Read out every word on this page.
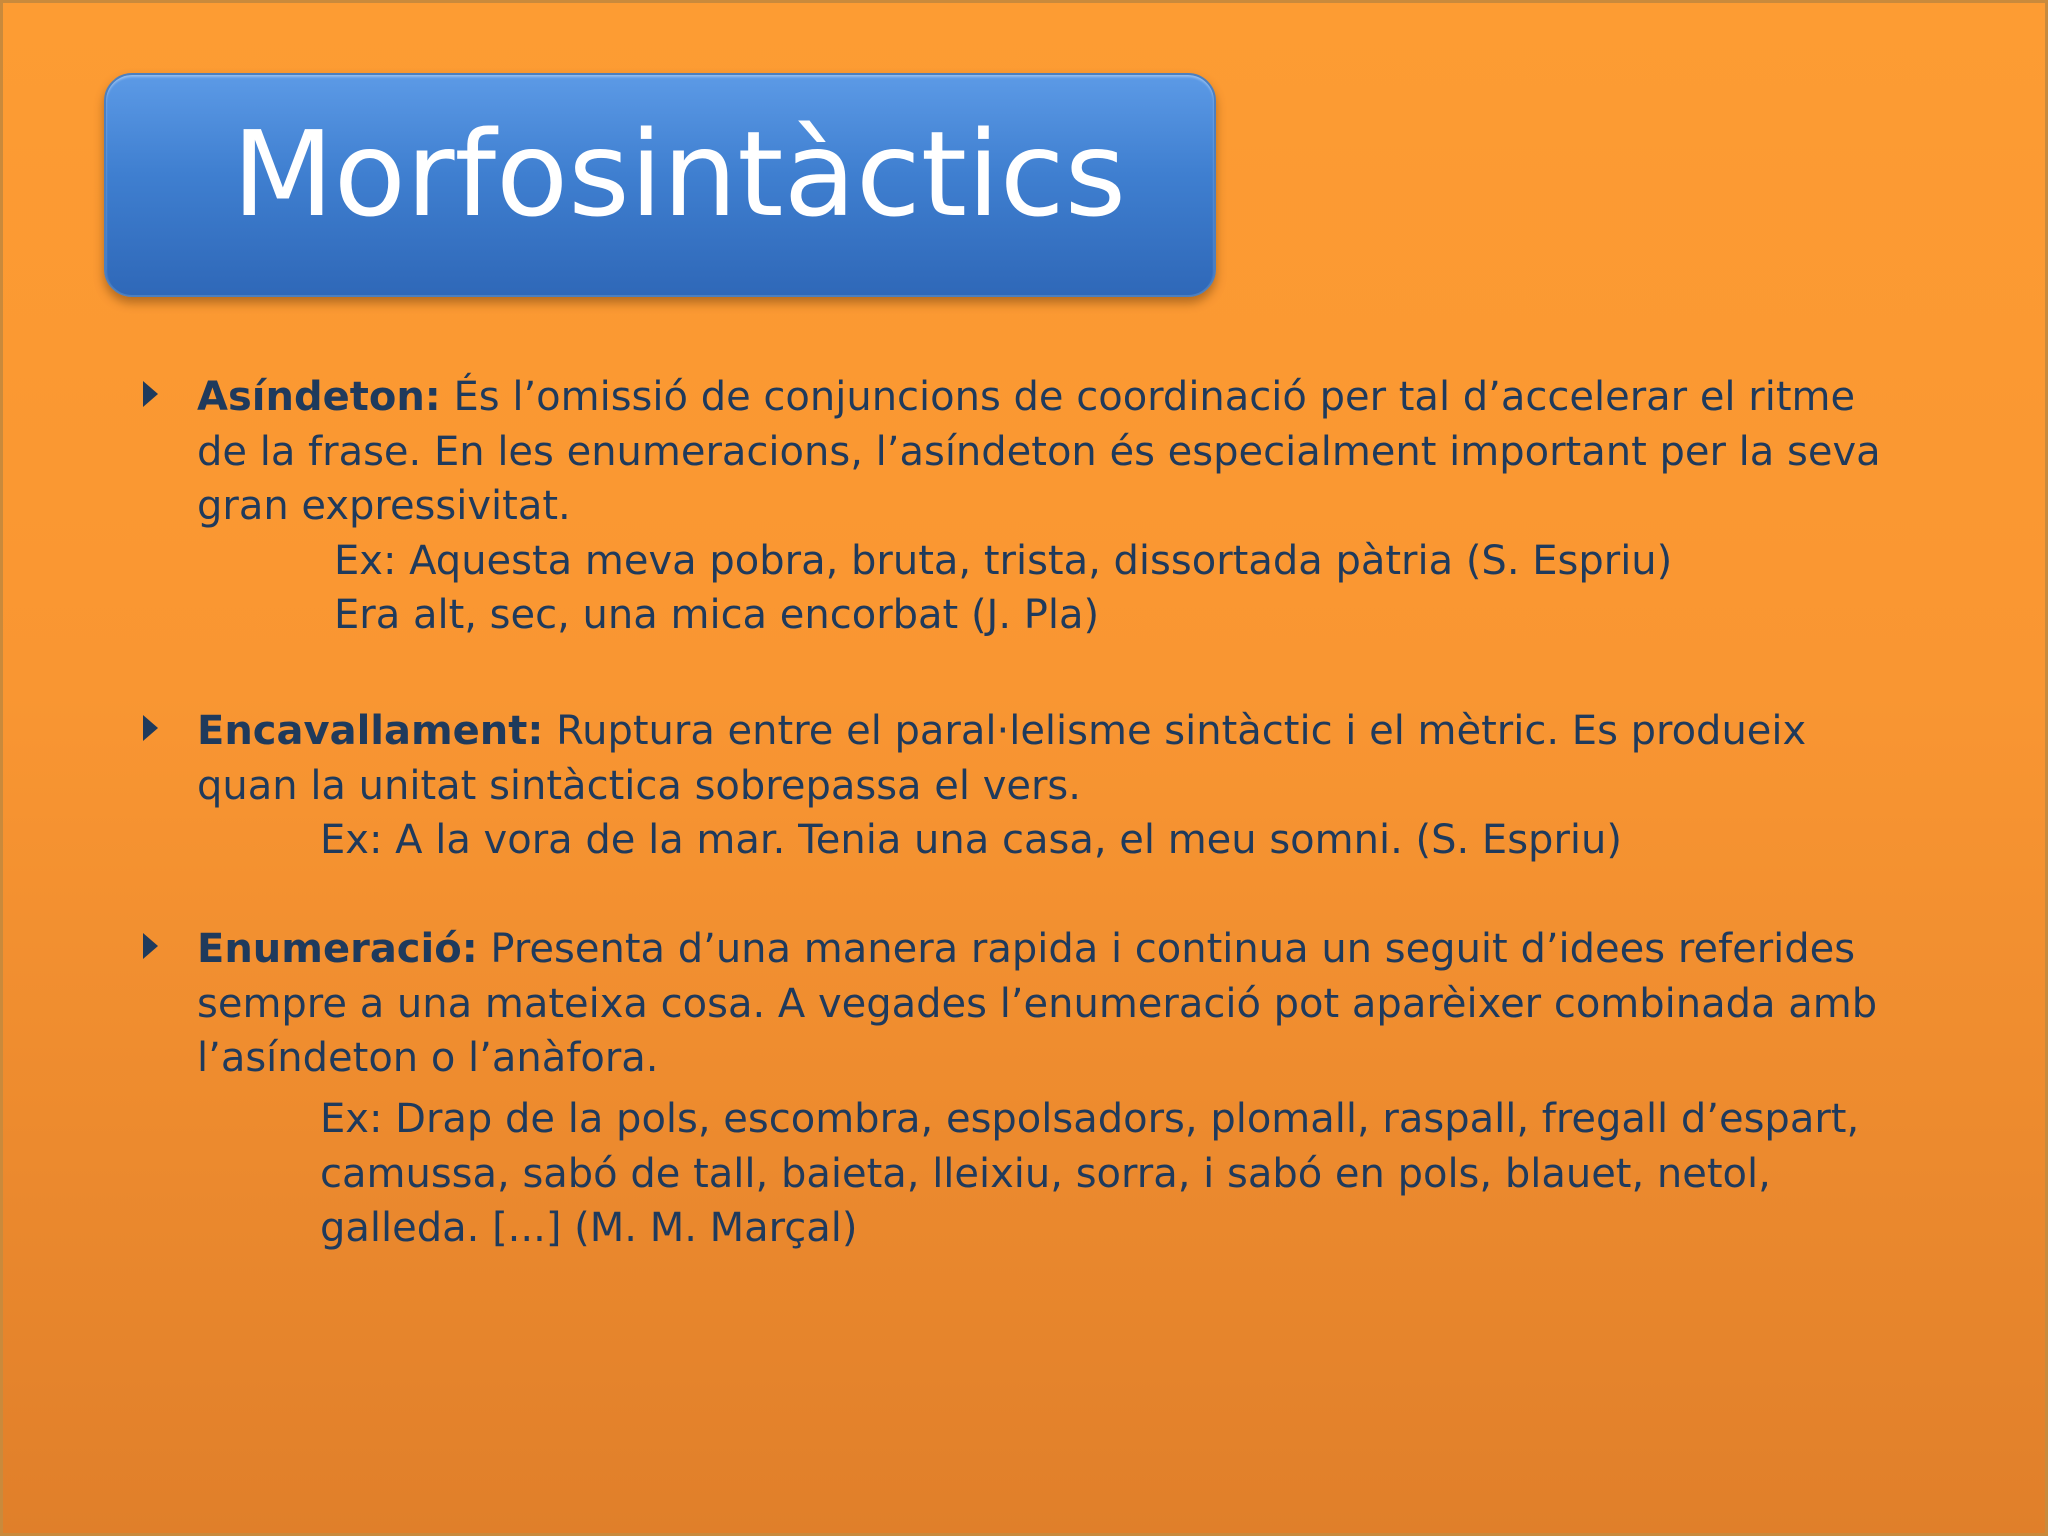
Morfosintàctics

Asíndeton: És l’omissió de conjuncions de coordinació per tal d’accelerar el ritme

de la frase. En les enumeracions, l’asíndeton és especialment important per la seva

gran expressivitat.

Ex: Aquesta meva pobra, bruta, trista, dissortada pàtria (S. Espriu)

Era alt, sec, una mica encorbat (J. Pla)

Encavallament: Ruptura entre el paral·lelisme sintàctic i el mètric. Es produeix

quan la unitat sintàctica sobrepassa el vers.

Ex: A la vora de la mar. Tenia una casa, el meu somni. (S. Espriu)

Enumeració: Presenta d’una manera rapida i continua un seguit d’idees referides

sempre a una mateixa cosa. A vegades l’enumeració pot aparèixer combinada amb

l’asíndeton o l’anàfora.

Ex: Drap de la pols, escombra, espolsadors, plomall, raspall, fregall d’espart,

camussa, sabó de tall, baieta, lleixiu, sorra, i sabó en pols, blauet, netol,

galleda. [...] (M. M. Marçal)
